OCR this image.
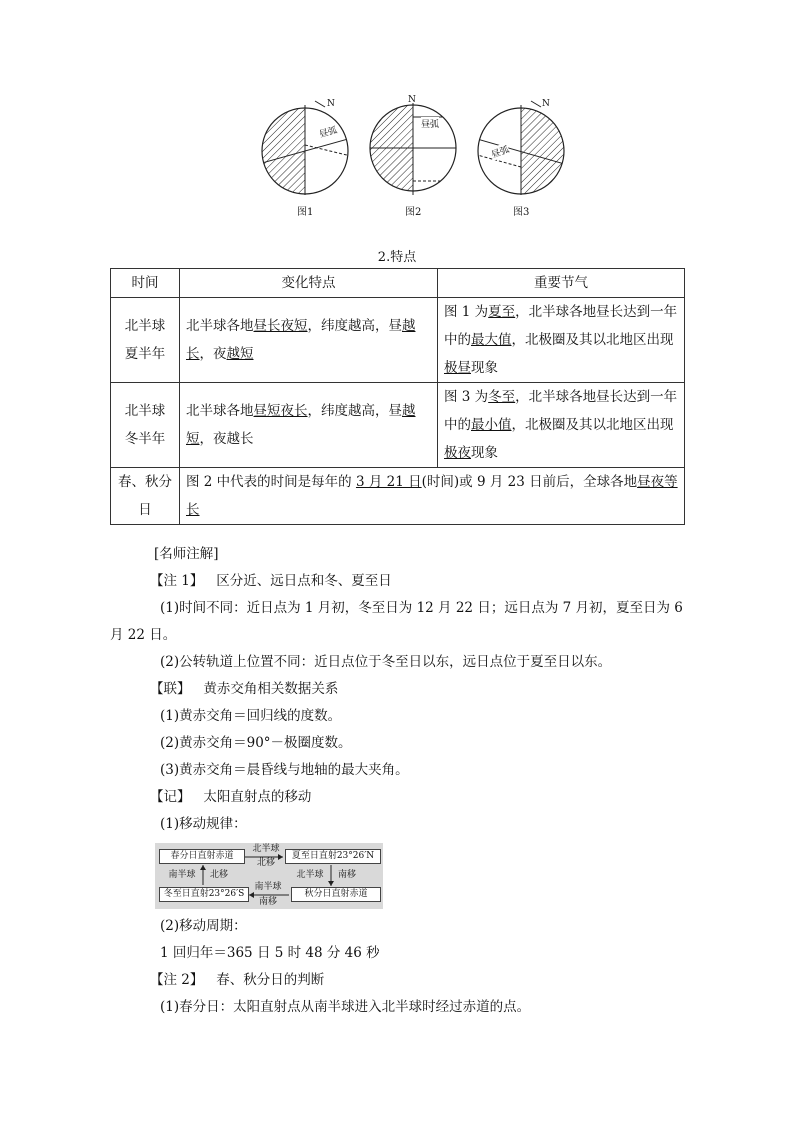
N	N	N
昼弧
昼弧
昼弧
图1	图2	图3
2.特点
时间	变化特点	重要节气

北半球
夏半年	北半球各地昼长夜短，纬度越高，昼越长，夜越短	图 1 为夏至，北半球各地昼长达到一年中的最大值，北极圈及其以北地区出现极昼现象

北半球
冬半年	北半球各地昼短夜长，纬度越高，昼越短，夜越长	图 3 为冬至，北半球各地昼长达到一年中的最小值，北极圈及其以北地区出现极夜现象

春、秋分
日	图 2 中代表的时间是每年的 3 月 21 日(时间)或 9 月 23 日前后，全球各地昼夜等长	

[名师注解]

【注 1】 区分近、远日点和冬、夏至日

(1)时间不同：近日点为 1 月初，冬至日为 12 月 22 日；远日点为 7 月初，夏至日为 6

月 22 日。

(2)公转轨道上位置不同：近日点位于冬至日以东，远日点位于夏至日以东。

【联】 黄赤交角相关数据关系

(1)黄赤交角＝回归线的度数。

(2)黄赤交角＝90°－极圈度数。

(3)黄赤交角＝晨昏线与地轴的最大夹角。

【记】 太阳直射点的移动

(1)移动规律：

春分日直射赤道	夏至日直射23°26′N
冬至日直射23°26′S	秋分日直射赤道
北半球
北移
北半球	南移
南半球
南移
南半球	北移

(2)移动周期：

1 回归年＝365 日 5 时 48 分 46 秒

【注 2】 春、秋分日的判断

(1)春分日：太阳直射点从南半球进入北半球时经过赤道的点。
